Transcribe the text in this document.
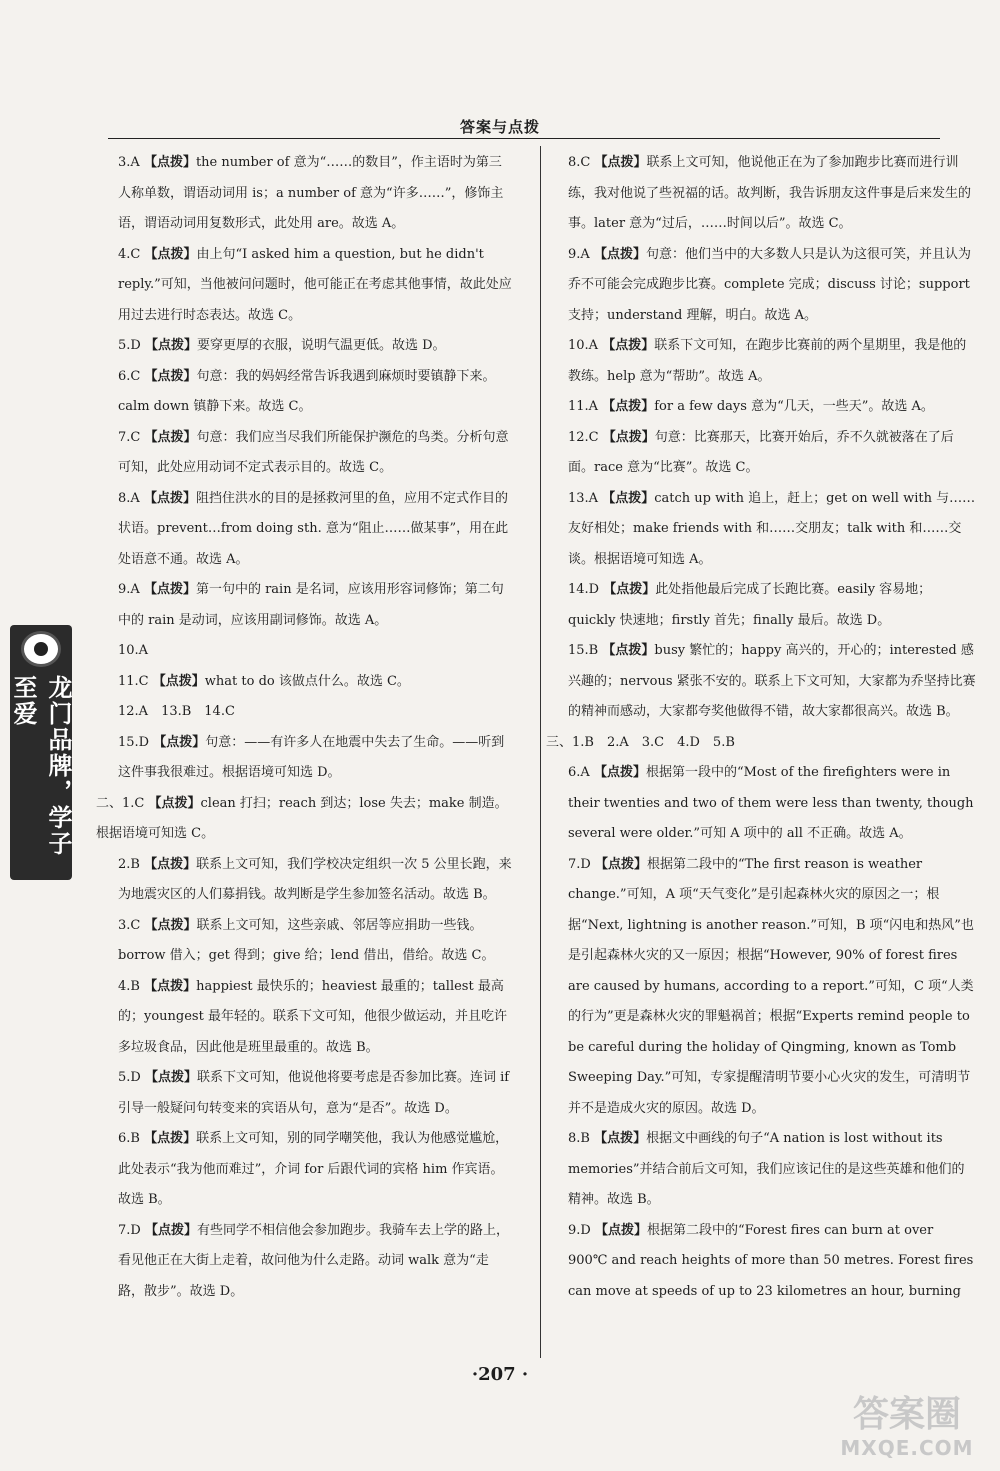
答案与点拨

3.A 【点拨】the number of 意为“……的数目”，作主语时为第三人称单数，谓语动词用 is；a number of 意为“许多……”，修饰主语，谓语动词用复数形式，此处用 are。故选 A。

4.C 【点拨】由上句“I asked him a question, but he didn't reply.”可知，当他被问问题时，他可能正在考虑其他事情，故此处应用过去进行时态表达。故选 C。

5.D 【点拨】要穿更厚的衣服，说明气温更低。故选 D。

6.C 【点拨】句意：我的妈妈经常告诉我遇到麻烦时要镇静下来。calm down 镇静下来。故选 C。

7.C 【点拨】句意：我们应当尽我们所能保护濒危的鸟类。分析句意可知，此处应用动词不定式表示目的。故选 C。

8.A 【点拨】阻挡住洪水的目的是拯救河里的鱼，应用不定式作目的状语。prevent…from doing sth. 意为“阻止……做某事”，用在此处语意不通。故选 A。

9.A 【点拨】第一句中的 rain 是名词，应该用形容词修饰；第二句中的 rain 是动词，应该用副词修饰。故选 A。

10.A

11.C 【点拨】what to do 该做点什么。故选 C。

12.A　13.B　14.C

15.D 【点拨】句意：——有许多人在地震中失去了生命。——听到这件事我很难过。根据语境可知选 D。

二、1.C 【点拨】clean 打扫；reach 到达；lose 失去；make 制造。根据语境可知选 C。

2.B 【点拨】联系上文可知，我们学校决定组织一次 5 公里长跑，来为地震灾区的人们募捐钱。故判断是学生参加签名活动。故选 B。

3.C 【点拨】联系上文可知，这些亲戚、邻居等应捐助一些钱。borrow 借入；get 得到；give 给；lend 借出，借给。故选 C。

4.B 【点拨】happiest 最快乐的；heaviest 最重的；tallest 最高的；youngest 最年轻的。联系下文可知，他很少做运动，并且吃许多垃圾食品，因此他是班里最重的。故选 B。

5.D 【点拨】联系下文可知，他说他将要考虑是否参加比赛。连词 if 引导一般疑问句转变来的宾语从句，意为“是否”。故选 D。

6.B 【点拨】联系上文可知，别的同学嘲笑他，我认为他感觉尴尬，此处表示“我为他而难过”，介词 for 后跟代词的宾格 him 作宾语。故选 B。

7.D 【点拨】有些同学不相信他会参加跑步。我骑车去上学的路上，看见他正在大街上走着，故问他为什么走路。动词 walk 意为“走路，散步”。故选 D。

8.C 【点拨】联系上文可知，他说他正在为了参加跑步比赛而进行训练，我对他说了些祝福的话。故判断，我告诉朋友这件事是后来发生的事。later 意为“过后，……时间以后”。故选 C。

9.A 【点拨】句意：他们当中的大多数人只是认为这很可笑，并且认为乔不可能会完成跑步比赛。complete 完成；discuss 讨论；support 支持；understand 理解，明白。故选 A。

10.A 【点拨】联系下文可知，在跑步比赛前的两个星期里，我是他的教练。help 意为“帮助”。故选 A。

11.A 【点拨】for a few days 意为“几天，一些天”。故选 A。

12.C 【点拨】句意：比赛那天，比赛开始后，乔不久就被落在了后面。race 意为“比赛”。故选 C。

13.A 【点拨】catch up with 追上，赶上；get on well with 与……友好相处；make friends with 和……交朋友；talk with 和……交谈。根据语境可知选 A。

14.D 【点拨】此处指他最后完成了长跑比赛。easily 容易地；quickly 快速地；firstly 首先；finally 最后。故选 D。

15.B 【点拨】busy 繁忙的；happy 高兴的，开心的；interested 感兴趣的；nervous 紧张不安的。联系上下文可知，大家都为乔坚持比赛的精神而感动，大家都夸奖他做得不错，故大家都很高兴。故选 B。

三、1.B　2.A　3.C　4.D　5.B

6.A 【点拨】根据第一段中的“Most of the firefighters were in their twenties and two of them were less than twenty, though several were older.”可知 A 项中的 all 不正确。故选 A。

7.D 【点拨】根据第二段中的“The first reason is weather change.”可知，A 项“天气变化”是引起森林火灾的原因之一；根据“Next, lightning is another reason.”可知，B 项“闪电和热风”也是引起森林火灾的又一原因；根据“However, 90% of forest fires are caused by humans, according to a report.”可知，C 项“人类的行为”更是森林火灾的罪魁祸首；根据“Experts remind people to be careful during the holiday of Qingming, known as Tomb Sweeping Day.”可知，专家提醒清明节要小心火灾的发生，可清明节并不是造成火灾的原因。故选 D。

8.B 【点拨】根据文中画线的句子“A nation is lost without its memories”并结合前后文可知，我们应该记住的是这些英雄和他们的精神。故选 B。

9.D 【点拨】根据第二段中的“Forest fires can burn at over 900℃ and reach heights of more than 50 metres. Forest fires can move at speeds of up to 23 kilometres an hour, burning

龙门品牌，学子至爱
·207 ·
答案圈
MXQE.COM
